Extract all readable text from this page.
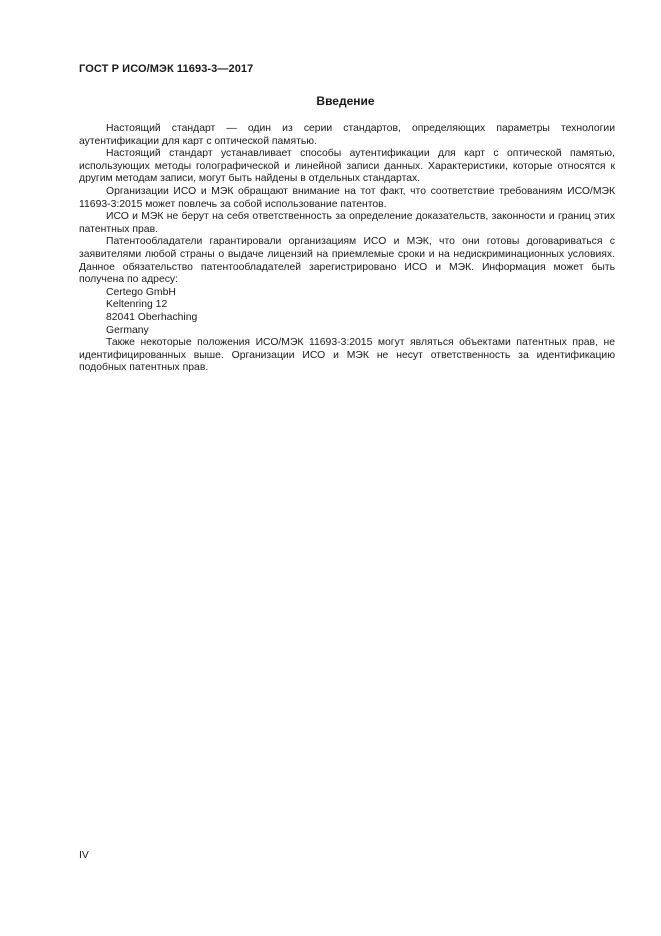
ГОСТ Р ИСО/МЭК 11693-3—2017
Введение

Настоящий стандарт — один из серии стандартов, определяющих параметры технологии аутентификации для карт с оптической памятью.

Настоящий стандарт устанавливает способы аутентификации для карт с оптической памятью, использующих методы голографической и линейной записи данных. Характеристики, которые относятся к другим методам записи, могут быть найдены в отдельных стандартах.

Организации ИСО и МЭК обращают внимание на тот факт, что соответствие требованиям ИСО/МЭК 11693-3:2015 может повлечь за собой использование патентов.

ИСО и МЭК не берут на себя ответственность за определение доказательств, законности и границ этих патентных прав.

Патентообладатели гарантировали организациям ИСО и МЭК, что они готовы договариваться с заявителями любой страны о выдаче лицензий на приемлемые сроки и на недискриминационных условиях. Данное обязательство патентообладателей зарегистрировано ИСО и МЭК. Информация может быть получена по адресу:

Certego GmbH

Keltenring 12

82041 Oberhaching

Germany

Также некоторые положения ИСО/МЭК 11693-3:2015 могут являться объектами патентных прав, не идентифицированных выше. Организации ИСО и МЭК не несут ответственность за идентификацию подобных патентных прав.

IV
